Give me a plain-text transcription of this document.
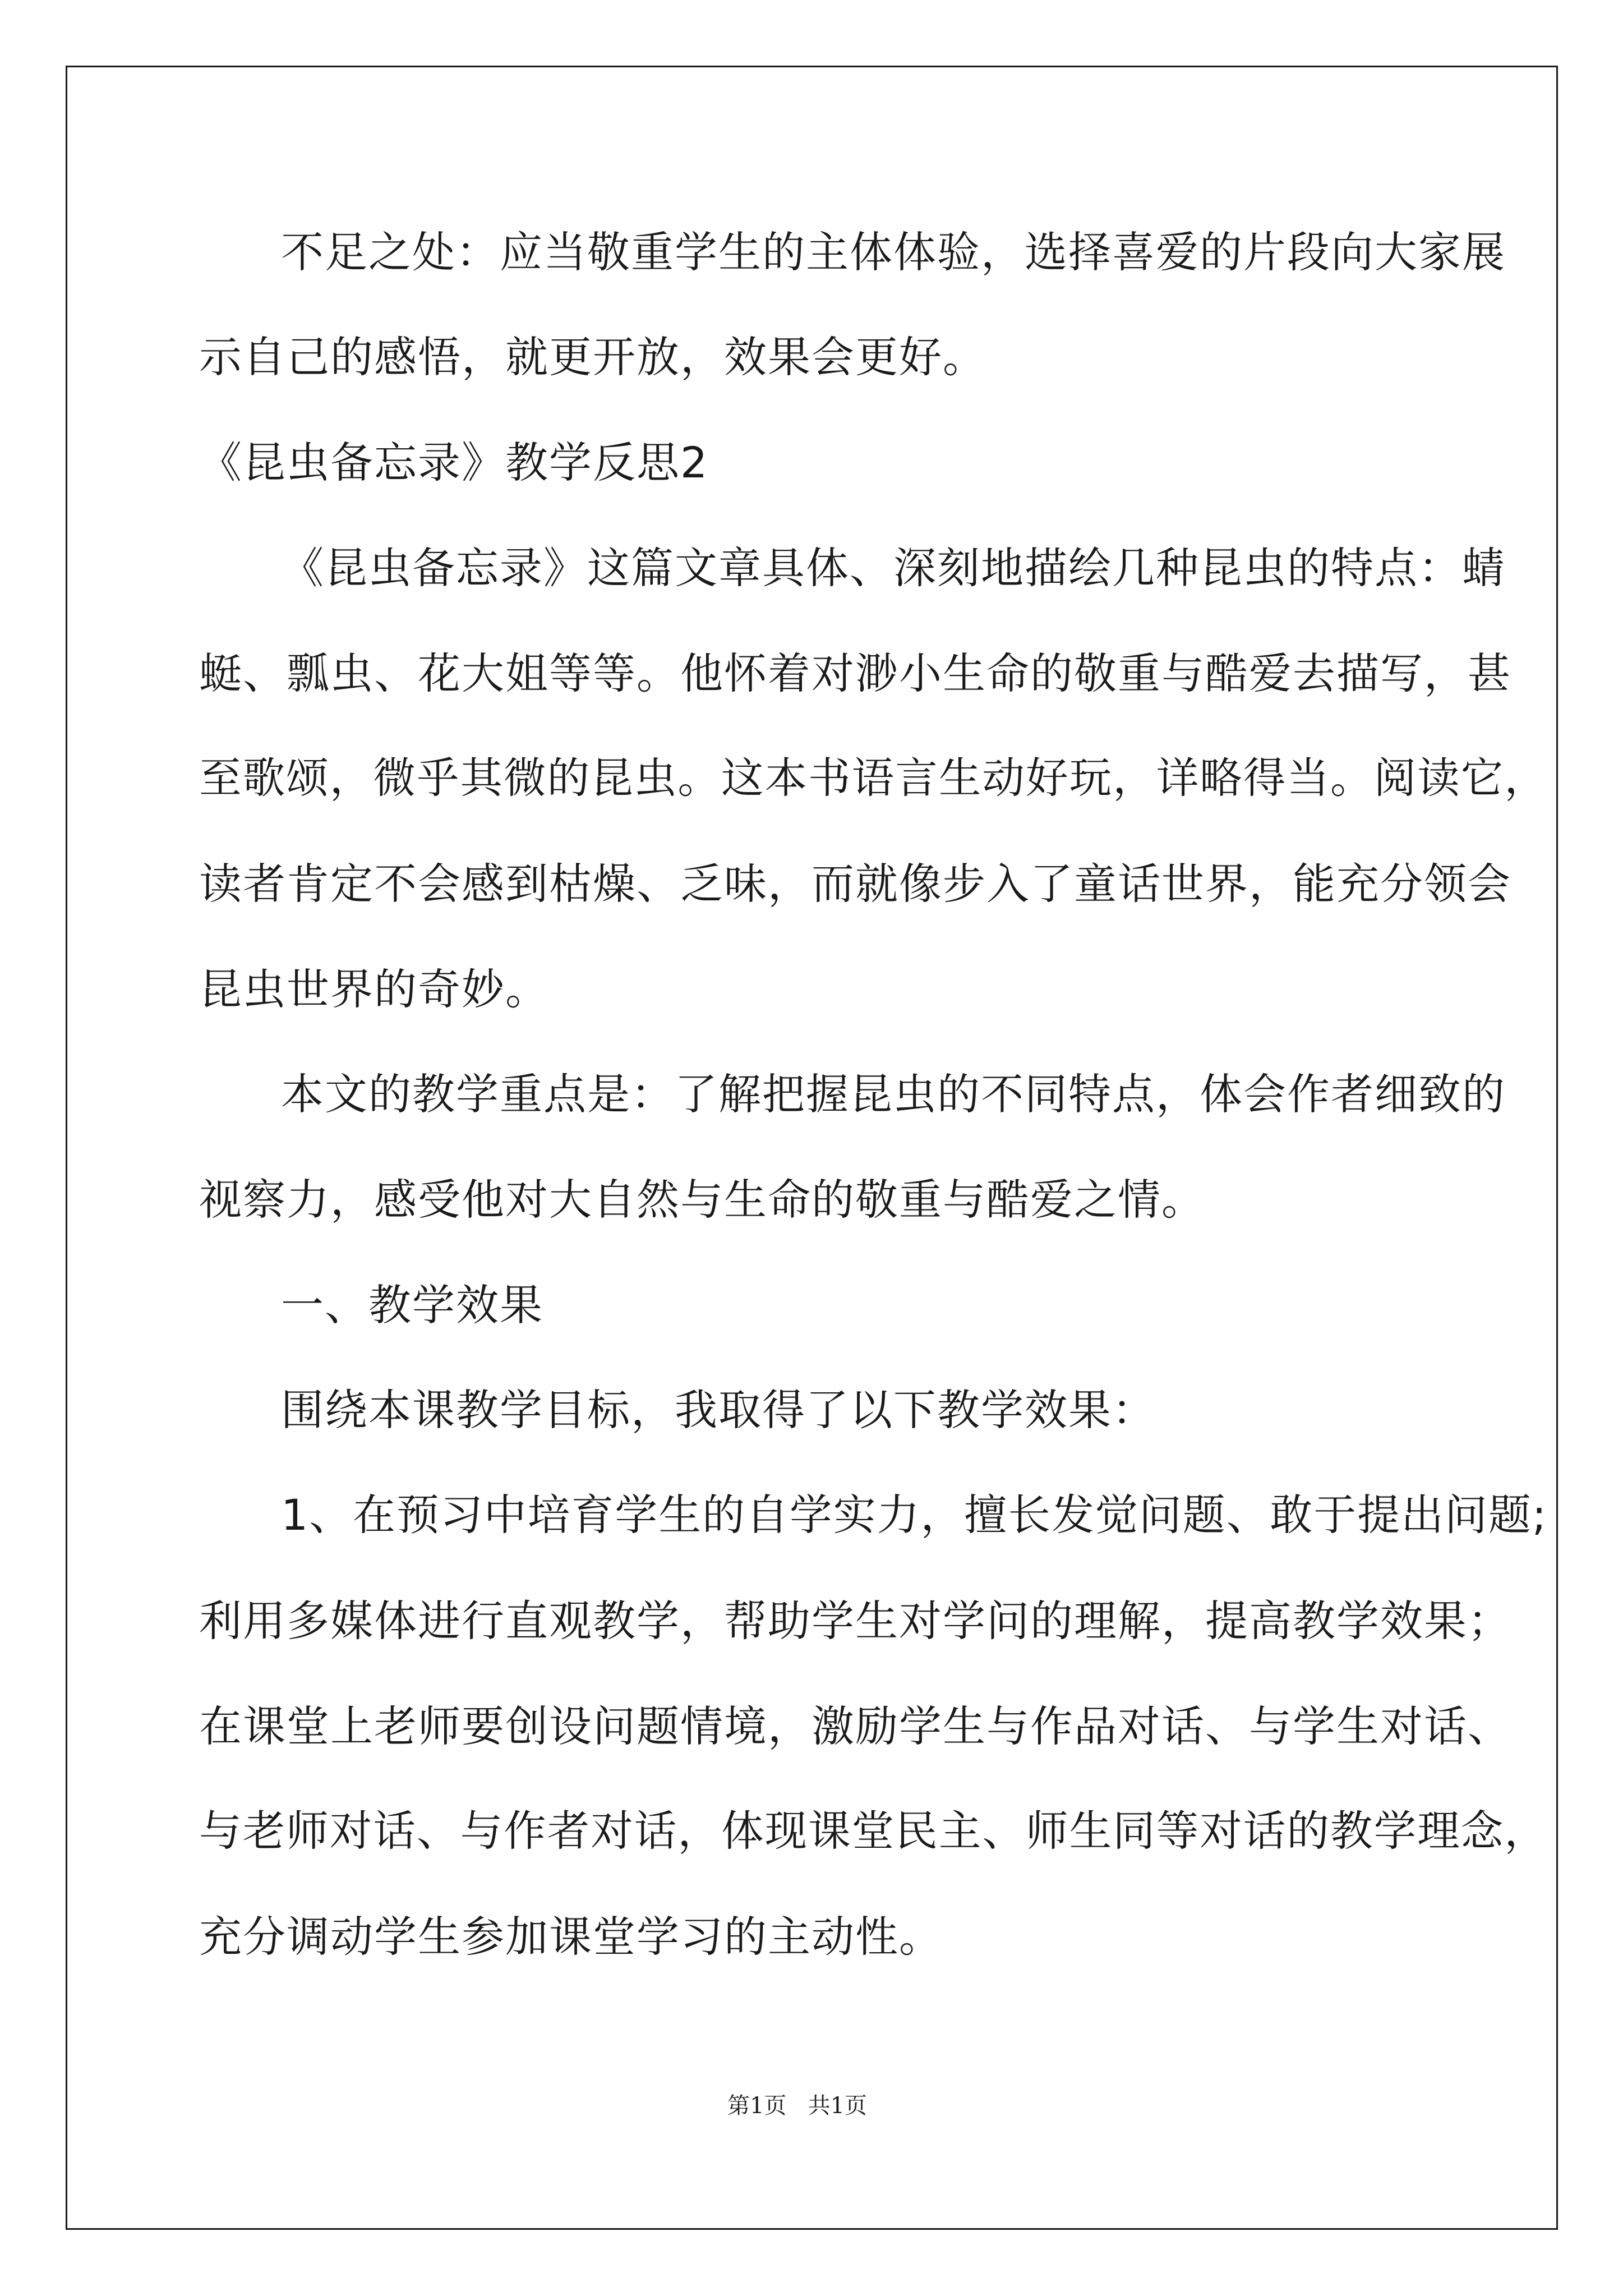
不足之处：应当敬重学生的主体体验，选择喜爱的片段向大家展
示自己的感悟，就更开放，效果会更好。
《昆虫备忘录》教学反思2
《昆虫备忘录》这篇文章具体、深刻地描绘几种昆虫的特点：蜻
蜓、瓢虫、花大姐等等。他怀着对渺小生命的敬重与酷爱去描写，甚
至歌颂，微乎其微的昆虫。这本书语言生动好玩，详略得当。阅读它，
读者肯定不会感到枯燥、乏味，而就像步入了童话世界，能充分领会
昆虫世界的奇妙。
本文的教学重点是：了解把握昆虫的不同特点，体会作者细致的
视察力，感受他对大自然与生命的敬重与酷爱之情。
一、教学效果
围绕本课教学目标，我取得了以下教学效果：
1、在预习中培育学生的自学实力，擅长发觉问题、敢于提出问题;
利用多媒体进行直观教学，帮助学生对学问的理解，提高教学效果；
在课堂上老师要创设问题情境，激励学生与作品对话、与学生对话、
与老师对话、与作者对话，体现课堂民主、师生同等对话的教学理念，
充分调动学生参加课堂学习的主动性。
第1页   共1页
